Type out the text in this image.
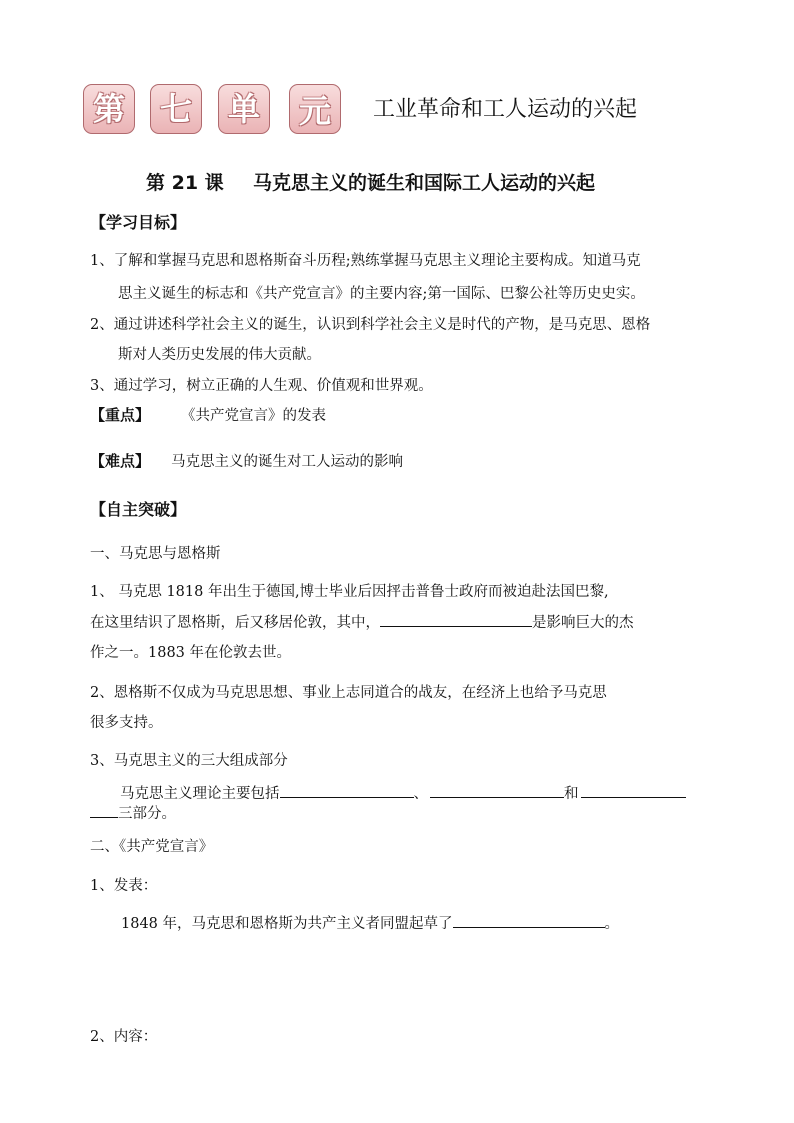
第	七	单	元	工业革命和工人运动的兴起
第 21 课 马克思主义的诞生和国际工人运动的兴起
【学习目标】
1、了解和掌握马克思和恩格斯奋斗历程;熟练掌握马克思主义理论主要构成。知道马克
思主义诞生的标志和《共产党宣言》的主要内容;第一国际、巴黎公社等历史史实。
2、通过讲述科学社会主义的诞生，认识到科学社会主义是时代的产物，是马克思、恩格
斯对人类历史发展的伟大贡献。
3、通过学习，树立正确的人生观、价值观和世界观。
【重点】 《共产党宣言》的发表
【难点】 马克思主义的诞生对工人运动的影响
【自主突破】
一、马克思与恩格斯
1、 马克思 1818 年出生于德国,博士毕业后因抨击普鲁士政府而被迫赴法国巴黎,
在这里结识了恩格斯，后又移居伦敦，其中，	是影响巨大的杰
作之一。1883 年在伦敦去世。
2、恩格斯不仅成为马克思思想、事业上志同道合的战友，在经济上也给予马克思
很多支持。
3、马克思主义的三大组成部分
马克思主义理论主要包括	、	和
三部分。
二、《共产党宣言》
1、发表：
1848 年，马克思和恩格斯为共产主义者同盟起草了	。
2、内容：
